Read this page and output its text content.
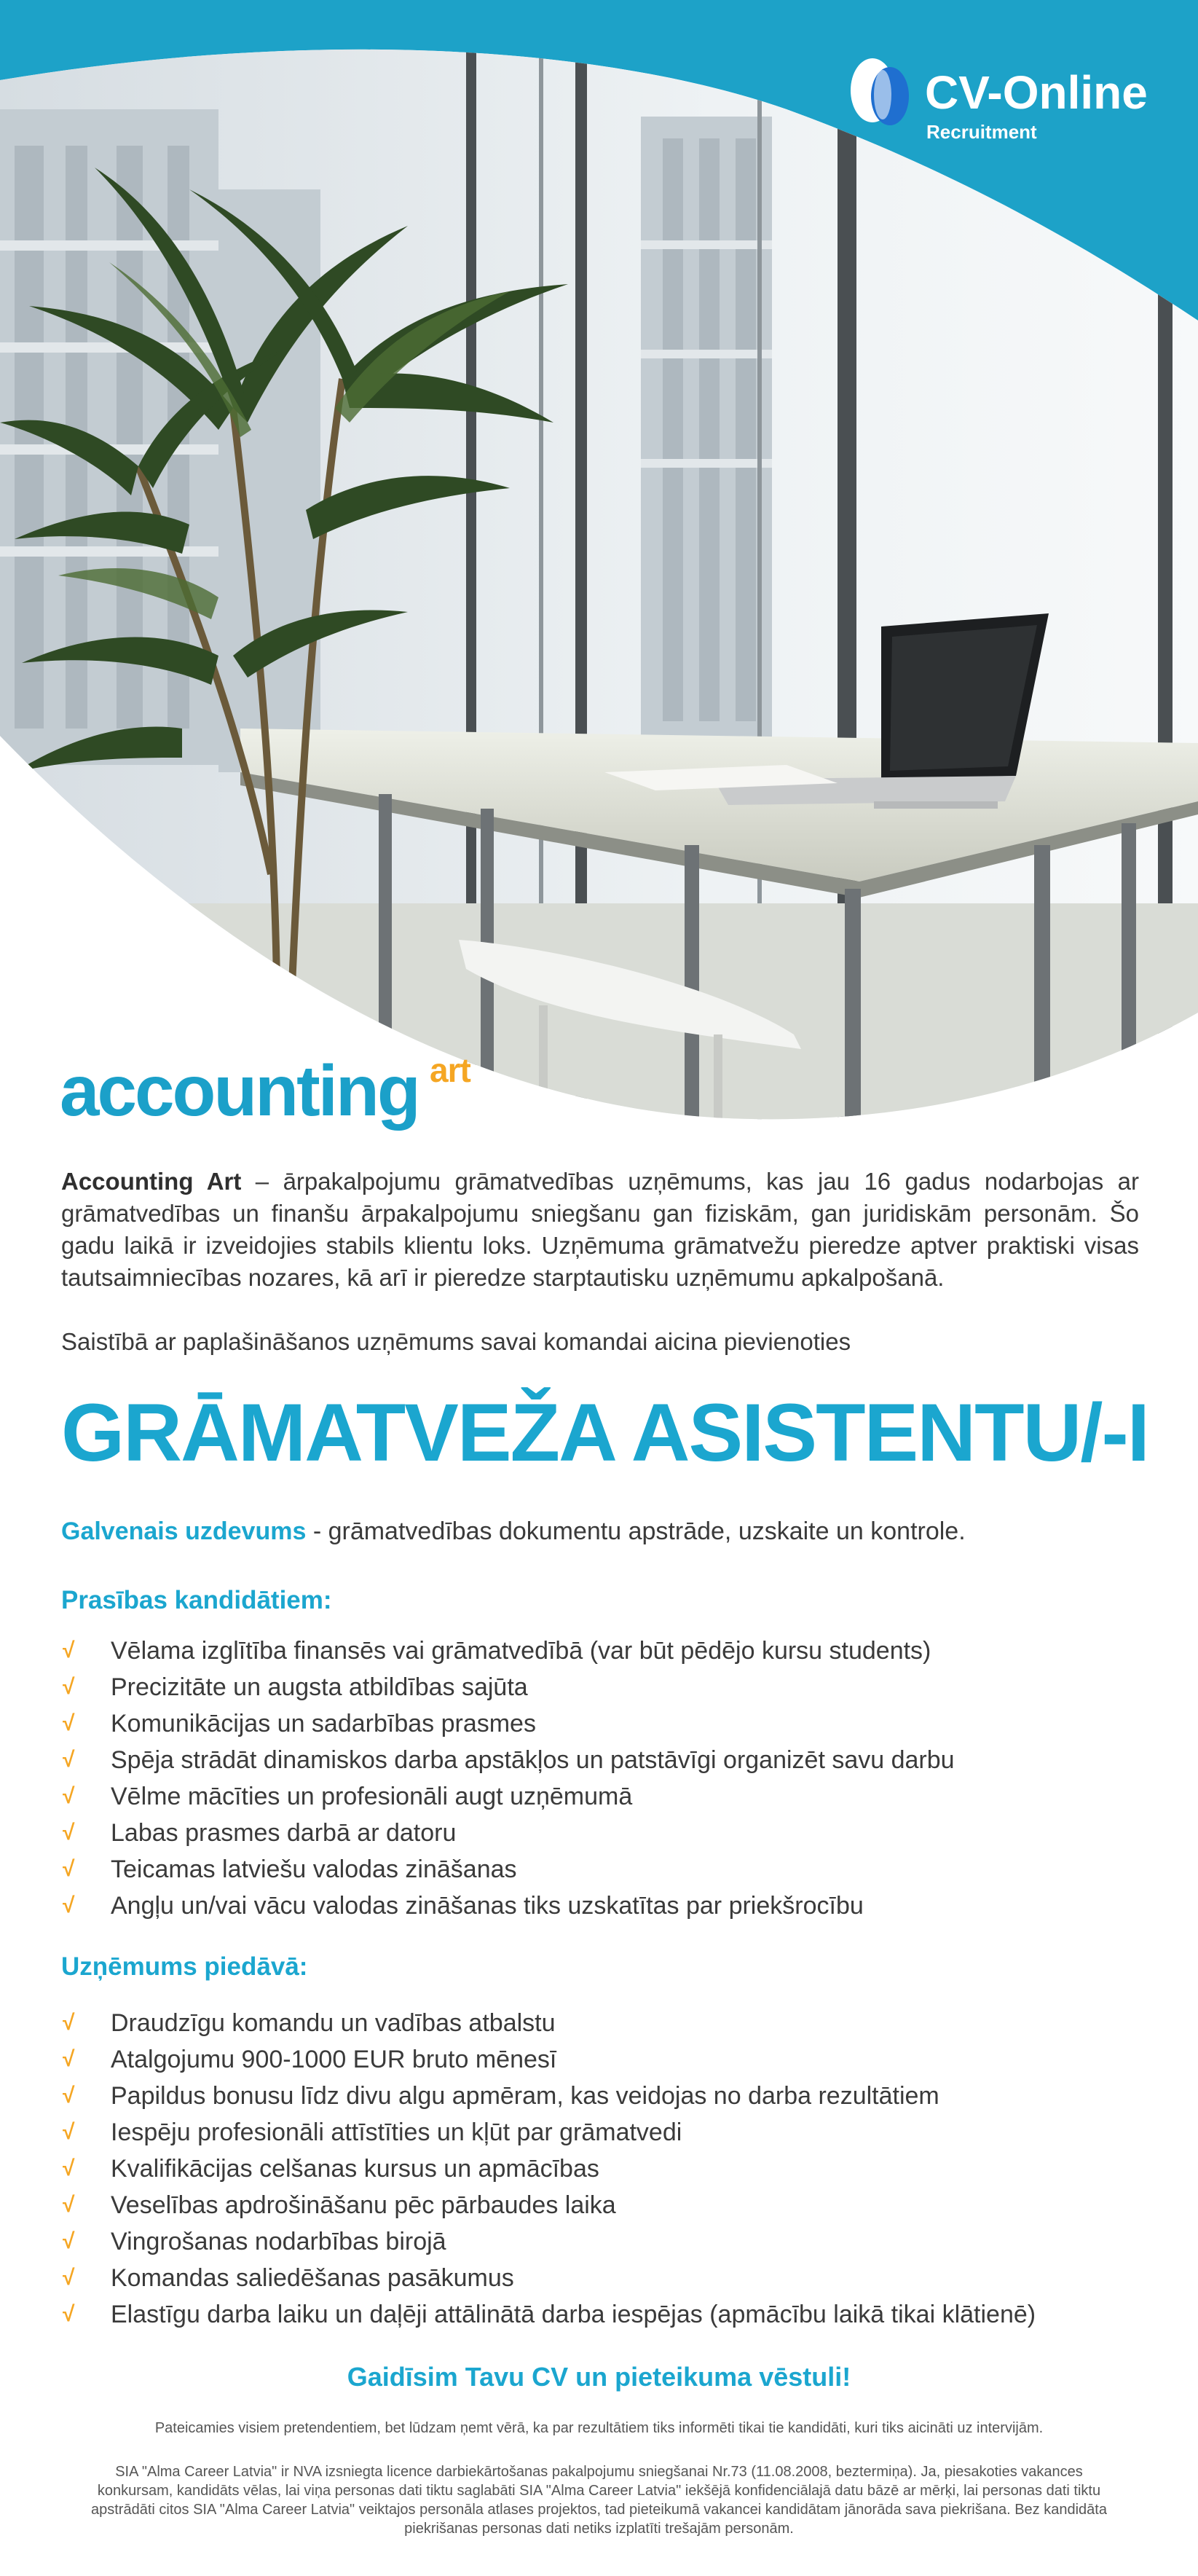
CV-Online
Recruitment
accounting art
Accounting Art – ārpakalpojumu grāmatvedības uzņēmums, kas jau 16 gadus nodarbojas ar grāmatvedības un finanšu ārpakalpojumu sniegšanu gan fiziskām, gan juridiskām personām. Šo gadu laikā ir izveidojies stabils klientu loks. Uzņēmuma grāmatvežu pieredze aptver praktiski visas tautsaimniecības nozares, kā arī ir pieredze starptautisku uzņēmumu apkalpošanā.
Saistībā ar paplašināšanos uzņēmums savai komandai aicina pievienoties
GRĀMATVEŽA ASISTENTU/-I
Galvenais uzdevums - grāmatvedības dokumentu apstrāde, uzskaite un kontrole.
Prasības kandidātiem:
√ Vēlama izglītība finansēs vai grāmatvedībā (var būt pēdējo kursu students)
√ Precizitāte un augsta atbildības sajūta
√ Komunikācijas un sadarbības prasmes
√ Spēja strādāt dinamiskos darba apstākļos un patstāvīgi organizēt savu darbu
√ Vēlme mācīties un profesionāli augt uzņēmumā
√ Labas prasmes darbā ar datoru
√ Teicamas latviešu valodas zināšanas
√ Angļu un/vai vācu valodas zināšanas tiks uzskatītas par priekšrocību
Uzņēmums piedāvā:
√ Draudzīgu komandu un vadības atbalstu
√ Atalgojumu 900-1000 EUR bruto mēnesī
√ Papildus bonusu līdz divu algu apmēram, kas veidojas no darba rezultātiem
√ Iespēju profesionāli attīstīties un kļūt par grāmatvedi
√ Kvalifikācijas celšanas kursus un apmācības
√ Veselības apdrošināšanu pēc pārbaudes laika
√ Vingrošanas nodarbības birojā
√ Komandas saliedēšanas pasākumus
√ Elastīgu darba laiku un daļēji attālinātā darba iespējas (apmācību laikā tikai klātienē)
Gaidīsim Tavu CV un pieteikuma vēstuli!
Pateicamies visiem pretendentiem, bet lūdzam ņemt vērā, ka par rezultātiem tiks informēti tikai tie kandidāti, kuri tiks aicināti uz intervijām.
SIA "Alma Career Latvia" ir NVA izsniegta licence darbiekārtošanas pakalpojumu sniegšanai Nr.73 (11.08.2008, beztermiņa). Ja, piesakoties vakances konkursam, kandidāts vēlas, lai viņa personas dati tiktu saglabāti SIA "Alma Career Latvia" iekšējā konfidenciālajā datu bāzē ar mērķi, lai personas dati tiktu apstrādāti citos SIA "Alma Career Latvia" veiktajos personāla atlases projektos, tad pieteikumā vakancei kandidātam jānorāda sava piekrišana. Bez kandidāta piekrišanas personas dati netiks izplatīti trešajām personām.
